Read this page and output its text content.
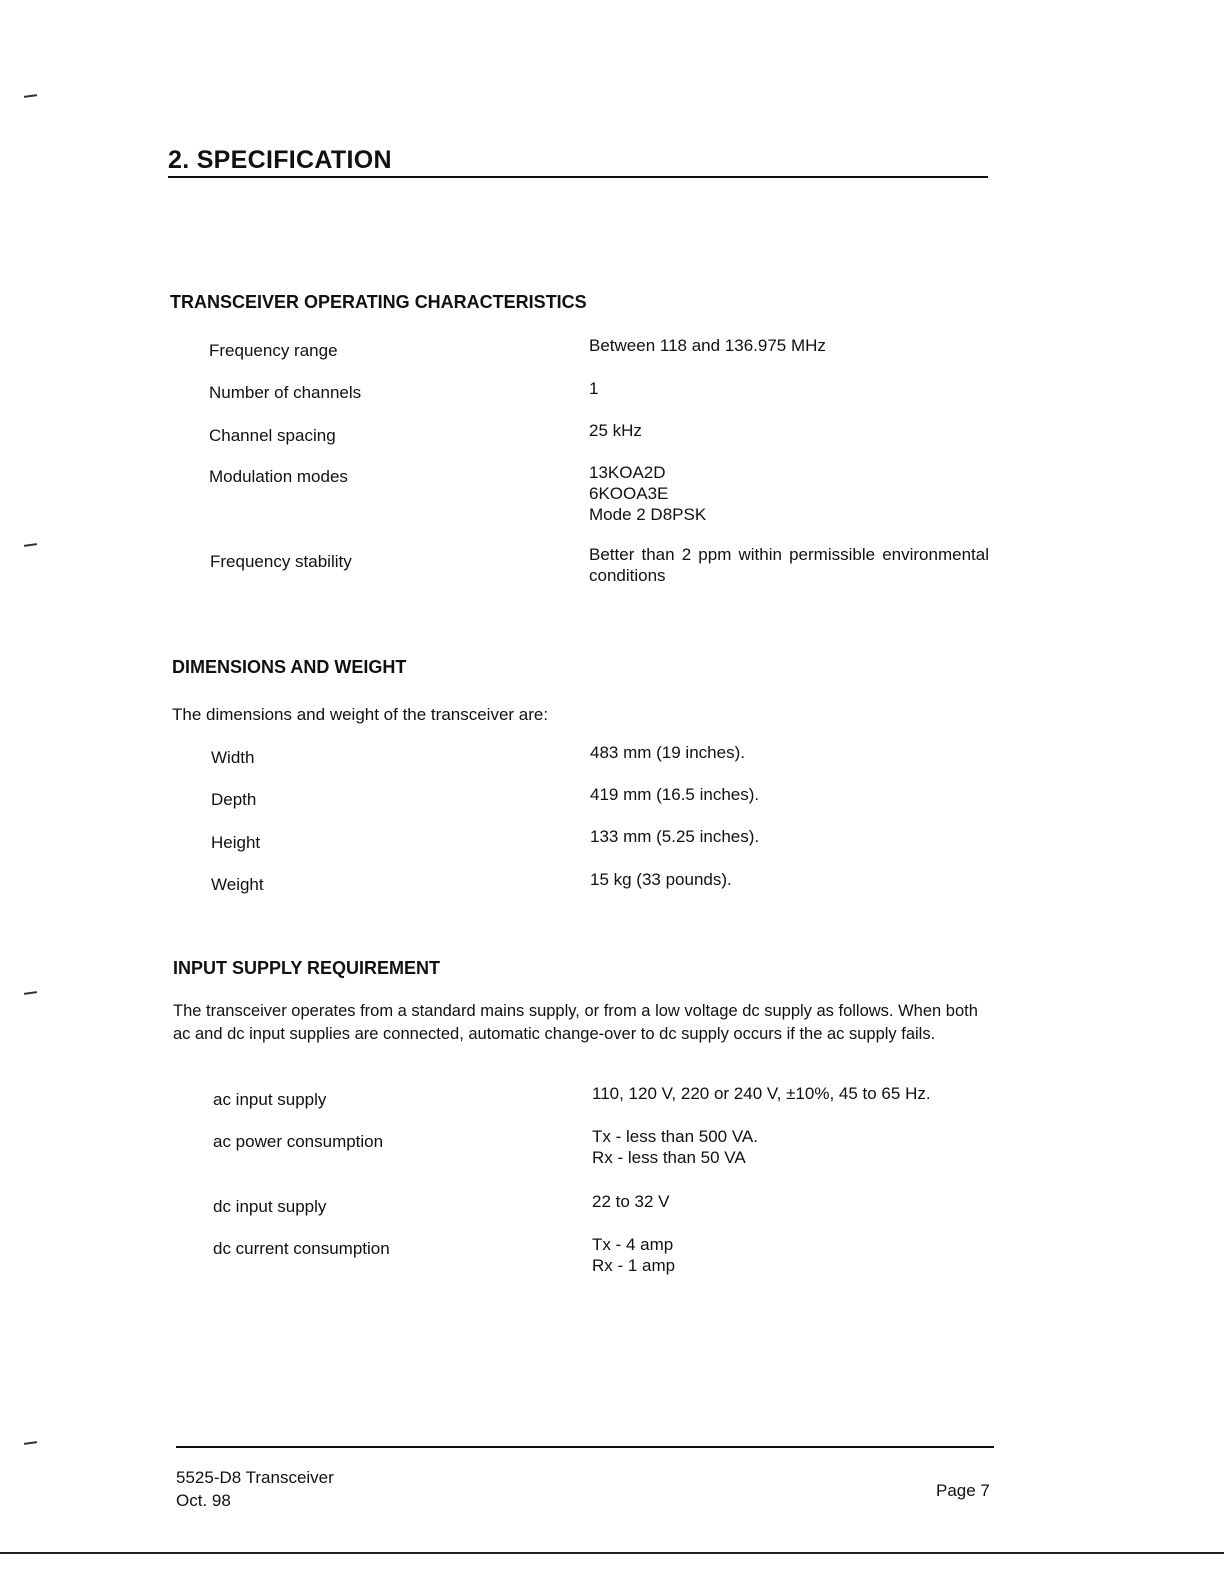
2. SPECIFICATION
TRANSCEIVER OPERATING CHARACTERISTICS
Frequency range	Between 118 and 136.975 MHz
Number of channels	1
Channel spacing	25 kHz
Modulation modes	13KOA2D
6KOOA3E
Mode 2 D8PSK
Frequency stability	Better than 2 ppm within permissible environmental conditions
DIMENSIONS AND WEIGHT
The dimensions and weight of the transceiver are:
Width	483 mm (19 inches).
Depth	419 mm (16.5 inches).
Height	133 mm (5.25 inches).
Weight	15 kg (33 pounds).
INPUT SUPPLY REQUIREMENT
The transceiver operates from a standard mains supply, or from a low voltage dc supply as follows. When both ac and dc input supplies are connected, automatic change-over to dc supply occurs if the ac supply fails.
ac input supply	110, 120 V, 220 or 240 V, ±10%, 45 to 65 Hz.
ac power consumption	Tx - less than 500 VA.
Rx - less than 50 VA
dc input supply	22 to 32 V
dc current consumption	Tx - 4 amp
Rx - 1 amp
5525-D8 Transceiver
Oct. 98
Page 7
